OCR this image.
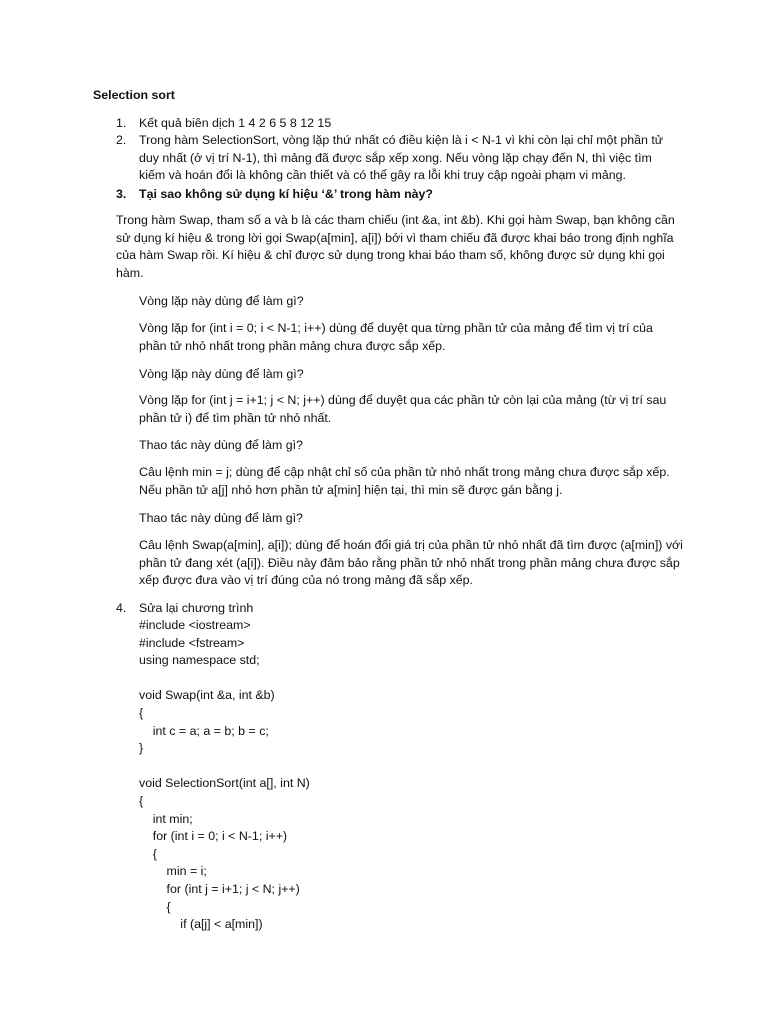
Selection sort
1.	Kết quả biên dịch 1 4 2 6 5 8 12 15
2.	Trong hàm SelectionSort, vòng lặp thứ nhất có điều kiện là i < N-1 vì khi còn lại chỉ một phần tử duy nhất (ở vị trí N-1), thì mảng đã được sắp xếp xong. Nếu vòng lặp chạy đến N, thì việc tìm kiếm và hoán đổi là không cần thiết và có thể gây ra lỗi khi truy cập ngoài phạm vi mảng.
3.	Tại sao không sử dụng kí hiệu ‘&’ trong hàm này?
Trong hàm Swap, tham số a và b là các tham chiếu (int &a, int &b). Khi gọi hàm Swap, bạn không cần sử dụng kí hiệu & trong lời gọi Swap(a[min], a[i]) bởi vì tham chiếu đã được khai báo trong định nghĩa của hàm Swap rồi. Kí hiệu & chỉ được sử dụng trong khai báo tham số, không được sử dụng khi gọi hàm.
Vòng lặp này dùng để làm gì?
Vòng lặp for (int i = 0; i < N-1; i++) dùng để duyệt qua từng phần tử của mảng để tìm vị trí của phần tử nhỏ nhất trong phần mảng chưa được sắp xếp.
Vòng lặp này dùng để làm gì?
Vòng lặp for (int j = i+1; j < N; j++) dùng để duyệt qua các phần tử còn lại của mảng (từ vị trí sau phần tử i) để tìm phần tử nhỏ nhất.
Thao tác này dùng để làm gì?
Câu lệnh min = j; dùng để cập nhật chỉ số của phần tử nhỏ nhất trong mảng chưa được sắp xếp. Nếu phần tử a[j] nhỏ hơn phần tử a[min] hiện tại, thì min sẽ được gán bằng j.
Thao tác này dùng để làm gì?
Câu lệnh Swap(a[min], a[i]); dùng để hoán đổi giá trị của phần tử nhỏ nhất đã tìm được (a[min]) với phần tử đang xét (a[i]). Điều này đảm bảo rằng phần tử nhỏ nhất trong phần mảng chưa được sắp xếp được đưa vào vị trí đúng của nó trong mảng đã sắp xếp.
4.	Sửa lại chương trình
#include <iostream>
#include <fstream>
using namespace std;
void Swap(int &a, int &b)
{
int c = a; a = b; b = c;
}
void SelectionSort(int a[], int N)
{
int min;
for (int i = 0; i < N-1; i++)
{
min = i;
for (int j = i+1; j < N; j++)
{
if (a[j] < a[min])
